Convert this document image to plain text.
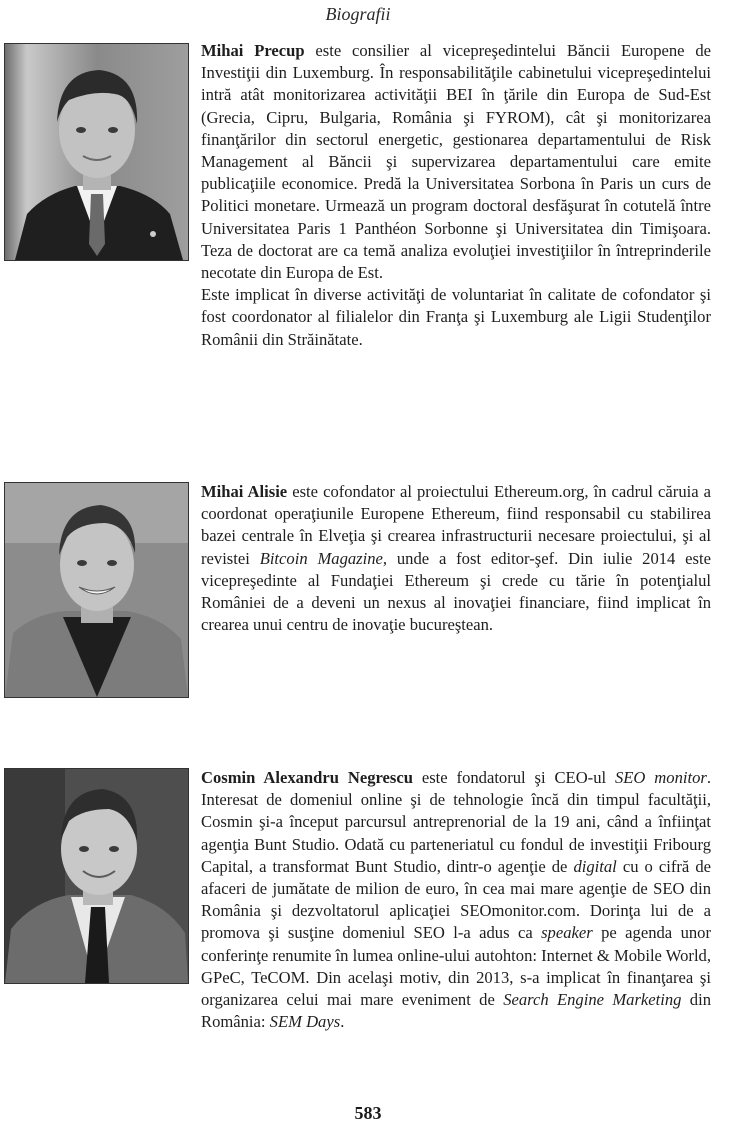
Biografii

Mihai Precup este consilier al vicepreşedintelui Băncii Europene de Investiţii din Luxemburg. În responsabilităţile cabinetului vicepreşedintelui intră atât monitorizarea activităţii BEI în ţările din Europa de Sud-Est (Grecia, Cipru, Bulgaria, România şi FYROM), cât şi monitorizarea finanţărilor din sectorul energetic, gestionarea departamentului de Risk Management al Băncii şi supervizarea departamentului care emite publicaţiile economice. Predă la Universitatea Sorbona în Paris un curs de Politici monetare. Urmează un program doctoral desfăşurat în cotutelă între Universitatea Paris 1 Panthéon Sorbonne şi Universitatea din Timişoara. Teza de doctorat are ca temă analiza evoluţiei investiţiilor în întreprinderile necotate din Europa de Est.

Este implicat în diverse activităţi de voluntariat în calitate de cofondator şi fost coordonator al filialelor din Franţa şi Luxemburg ale Ligii Studenţilor Românii din Străinătate.

Mihai Alisie este cofondator al proiectului Ethereum.org, în cadrul căruia a coordonat operaţiunile Europene Ethereum, fiind responsabil cu stabilirea bazei centrale în Elveţia şi crearea infrastructurii necesare proiectului, şi al revistei Bitcoin Magazine, unde a fost editor-şef. Din iulie 2014 este vicepreşedinte al Fundaţiei Ethereum şi crede cu tărie în potenţialul României de a deveni un nexus al inovaţiei financiare, fiind implicat în crearea unui centru de inovaţie bucureştean.

Cosmin Alexandru Negrescu este fondatorul şi CEO-ul SEO monitor. Interesat de domeniul online şi de tehnologie încă din timpul facultăţii, Cosmin şi-a început parcursul antreprenorial de la 19 ani, când a înfiinţat agenţia Bunt Studio. Odată cu parteneriatul cu fondul de investiţii Fribourg Capital, a transformat Bunt Studio, dintr-o agenţie de digital cu o cifră de afaceri de jumătate de milion de euro, în cea mai mare agenţie de SEO din România şi dezvoltatorul aplicaţiei SEOmonitor.com. Dorinţa lui de a promova şi susţine domeniul SEO l-a adus ca speaker pe agenda unor conferinţe renumite în lumea online-ului autohton: Internet & Mobile World, GPeC, TeCOM. Din acelaşi motiv, din 2013, s-a implicat în finanţarea şi organizarea celui mai mare eveniment de Search Engine Marketing din România: SEM Days.

583
